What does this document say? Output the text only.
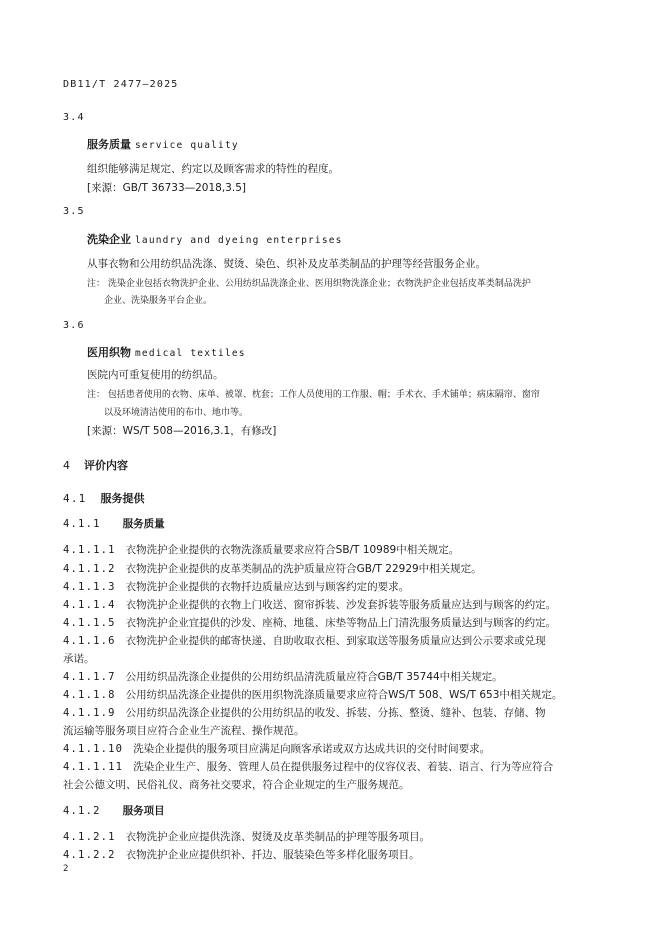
DB11/T 2477—2025
3.4
服务质量 service quality
组织能够满足规定、约定以及顾客需求的特性的程度。
[来源：GB/T 36733—2018,3.5]
3.5
洗染企业 laundry and dyeing enterprises
从事衣物和公用纺织品洗涤、熨烫、染色、织补及皮革类制品的护理等经营服务企业。
注： 洗染企业包括衣物洗护企业、公用纺织品洗涤企业、医用织物洗涤企业；衣物洗护企业包括皮革类制品洗护
企业、洗染服务平台企业。
3.6
医用织物 medical textiles
医院内可重复使用的纺织品。
注： 包括患者使用的衣物、床单、被罩、枕套；工作人员使用的工作服、帽；手术衣、手术铺单；病床隔帘、窗帘
以及环境清洁使用的布巾、地巾等。
[来源：WS/T 508—2016,3.1，有修改]
4 评价内容
4.1 服务提供
4.1.1 服务质量
4.1.1.1 衣物洗护企业提供的衣物洗涤质量要求应符合SB/T 10989中相关规定。
4.1.1.2 衣物洗护企业提供的皮革类制品的洗护质量应符合GB/T 22929中相关规定。
4.1.1.3 衣物洗护企业提供的衣物扦边质量应达到与顾客约定的要求。
4.1.1.4 衣物洗护企业提供的衣物上门收送、窗帘拆装、沙发套拆装等服务质量应达到与顾客的约定。
4.1.1.5 衣物洗护企业宜提供的沙发、座椅、地毯、床垫等物品上门清洗服务质量达到与顾客的约定。
4.1.1.6 衣物洗护企业提供的邮寄快递、自助收取衣柜、到家取送等服务质量应达到公示要求或兑现
承诺。
4.1.1.7 公用纺织品洗涤企业提供的公用纺织品清洗质量应符合GB/T 35744中相关规定。
4.1.1.8 公用纺织品洗涤企业提供的医用织物洗涤质量要求应符合WS/T 508、WS/T 653中相关规定。
4.1.1.9 公用纺织品洗涤企业提供的公用纺织品的收发、拆装、分拣、整烫、缝补、包装、存储、物
流运输等服务项目应符合企业生产流程、操作规范。
4.1.1.10 洗染企业提供的服务项目应满足向顾客承诺或双方达成共识的交付时间要求。
4.1.1.11 洗染企业生产、服务、管理人员在提供服务过程中的仪容仪表、着装、语言、行为等应符合
社会公德文明、民俗礼仪、商务社交要求，符合企业规定的生产服务规范。
4.1.2 服务项目
4.1.2.1 衣物洗护企业应提供洗涤、熨烫及皮革类制品的护理等服务项目。
4.1.2.2 衣物洗护企业应提供织补、扦边、服装染色等多样化服务项目。
2
